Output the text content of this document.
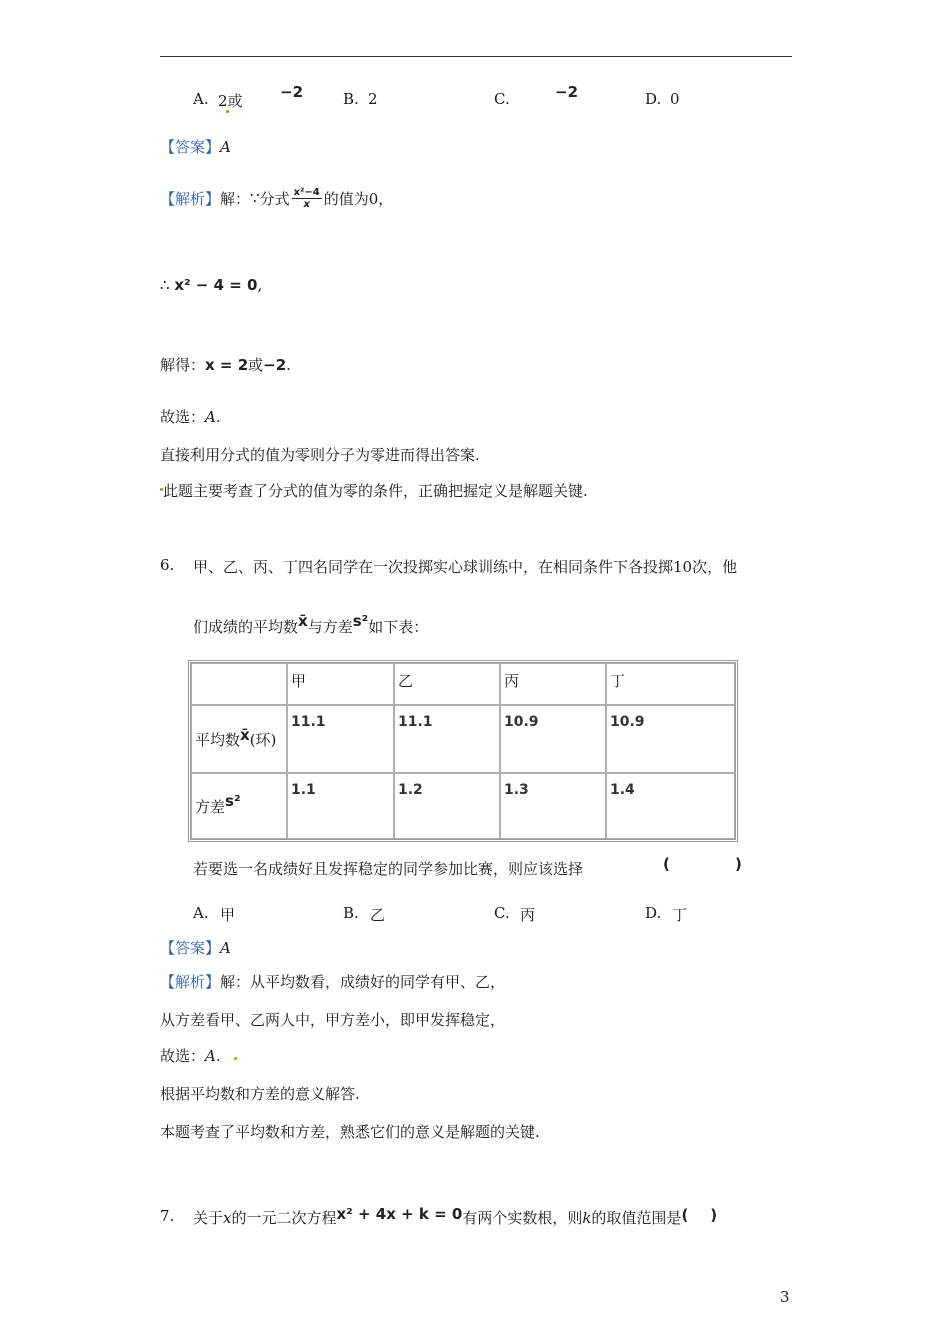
A. 2或 −2	B. 2	C.	−2	D. 0
【答案】A
【解析】 解： ∵ 分式 $\frac{\text{x²−4}}{x}$ 的值为0，
∴ x² − 4 = 0,
解得：x = 2或−2.
故选：A.
直接利用分式的值为零则分子为零进而得出答案.
此题主要考查了分式的值为零的条件，正确把握定义是解题关键.
6. 甲、乙、丙、丁四名同学在一次投掷实心球训练中，在相同条件下各投掷10次，他
们成绩的平均数x̄与方差s²如下表：
	甲	乙	丙	丁
平均数x̄(环)	11.1	11.1	10.9	10.9
方差s²	1.1	1.2	1.3	1.4
若要选一名成绩好且发挥稳定的同学参加比赛，则应该选择	(	)
A. 甲	B. 乙	C. 丙	D. 丁
【答案】A
【解析】解：从平均数看，成绩好的同学有甲、乙，
从方差看甲、乙两人中，甲方差小，即甲发挥稳定，
故选：A.
根据平均数和方差的意义解答.
本题考查了平均数和方差，熟悉它们的意义是解题的关键.
7. 关于x的一元二次方程x² + 4x + k = 0有两个实数根，则k的取值范围是( )
3
